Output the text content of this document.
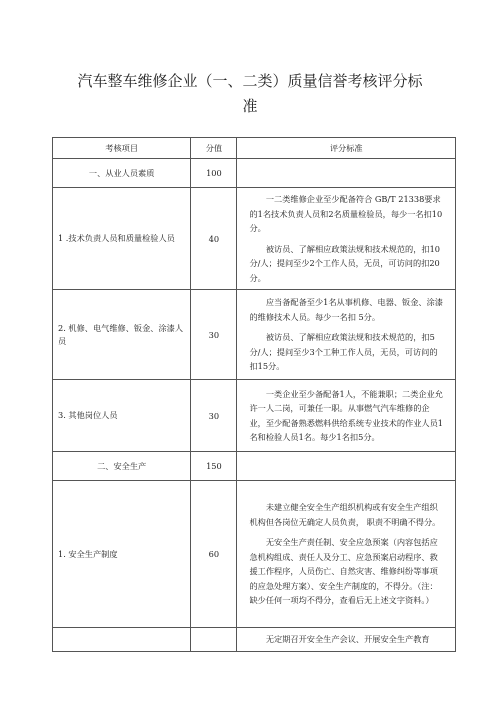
汽车整车维修企业（一、二类）质量信誉考核评分标
准
考核项目	分值	评分标准
一、从业人员素质	100	
1 .技术负责人员和质量检验人员	40	一二类维修企业至少配备符合 GB/T 21338要求的1名技术负责人员和2名质量检验员，每少一名扣10分。

被访员、了解相应政策法规和技术规范的，扣10分/人；提问至少2个工作人员，无员，可访问的扣20分。

2. 机修、电气维修、钣金、涂漆人员	30	应当备配备至少1名从事机修、电器、钣金、涂漆的维修技术人员。每少一名扣 5分。

被访员、了解相应政策法规和技术规范的，扣5分/人；提问至少3个工种工作人员，无员，可访问的扣15分。

3. 其他岗位人员	30	一类企业至少备配备1人，不能兼职；二类企业允许一人二岗，可兼任一职。从事燃气汽车维修的企业，至少配备熟悉燃料供给系统专业技术的作业人员1名和检验人员1名。每少1名扣5分。

二、安全生产	150	
1. 安全生产制度	60	未建立健全安全生产组织机构或有安全生产组织机构但各岗位无确定人员负责， 职责不明确不得分。

无安全生产责任制、安全应急预案（内容包括应急机构组成、责任人及分工、应急预案启动程序、救援工作程序，人员伤亡、自然灾害、维修纠纷等事项的应急处理方案）、安全生产制度的，不得分。（注：缺少任何一项均不得分，查看后无上述文字资料。）

		无定期召开安全生产会议、开展安全生产教育
